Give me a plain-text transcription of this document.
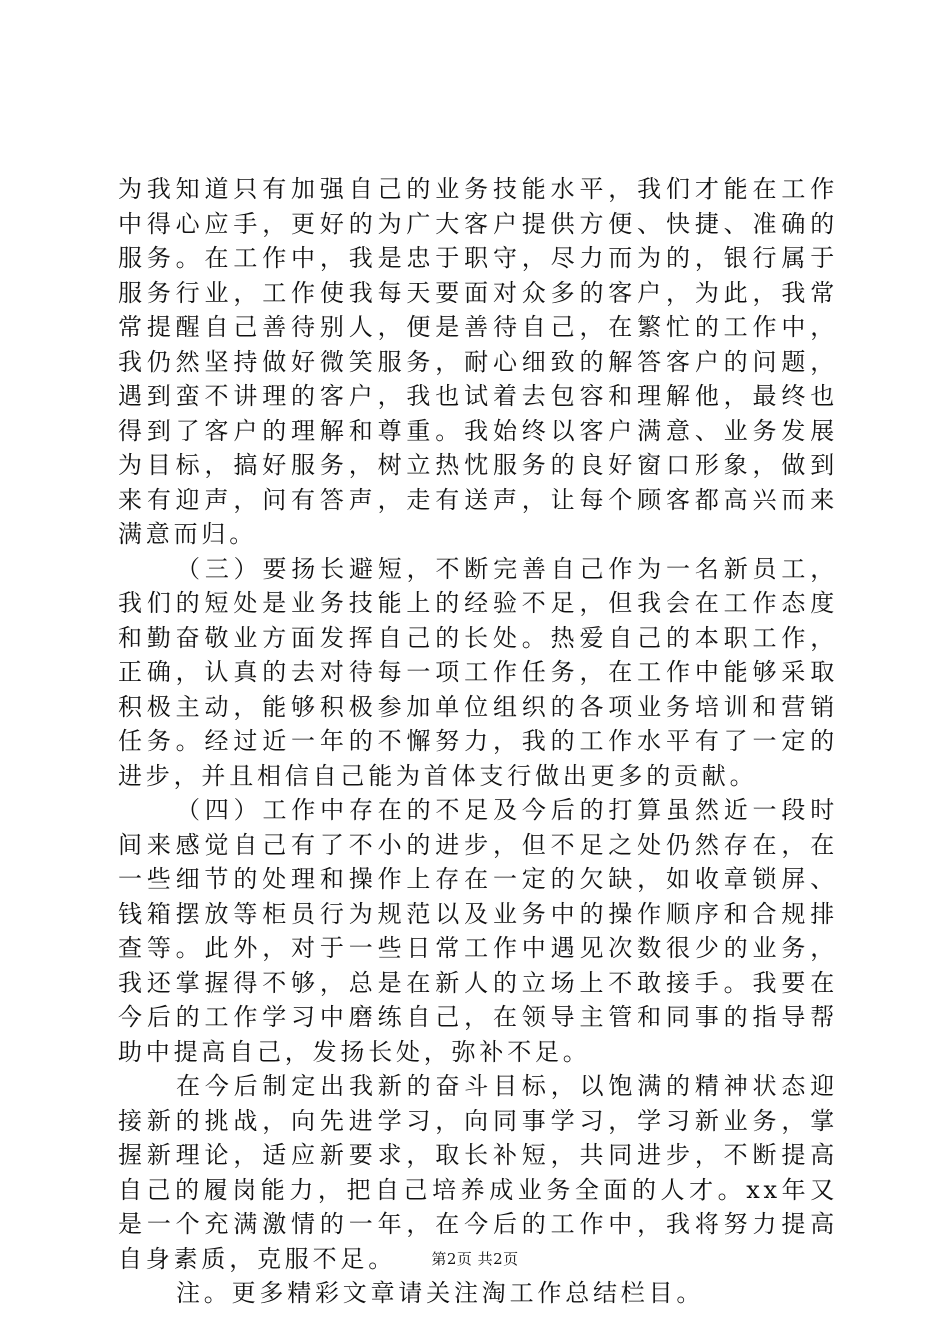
为我知道只有加强自己的业务技能水平，我们才能在工作中得心应手，更好的为广大客户提供方便、快捷、准确的服务。在工作中，我是忠于职守，尽力而为的，银行属于服务行业，工作使我每天要面对众多的客户，为此，我常常提醒自己善待别人，便是善待自己，在繁忙的工作中，我仍然坚持做好微笑服务，耐心细致的解答客户的问题，遇到蛮不讲理的客户，我也试着去包容和理解他，最终也得到了客户的理解和尊重。我始终以客户满意、业务发展为目标，搞好服务，树立热忱服务的良好窗口形象，做到来有迎声，问有答声，走有送声，让每个顾客都高兴而来满意而归。

（三）要扬长避短，不断完善自己作为一名新员工，我们的短处是业务技能上的经验不足，但我会在工作态度和勤奋敬业方面发挥自己的长处。热爱自己的本职工作，正确，认真的去对待每一项工作任务，在工作中能够采取积极主动，能够积极参加单位组织的各项业务培训和营销任务。经过近一年的不懈努力，我的工作水平有了一定的进步，并且相信自己能为首体支行做出更多的贡献。

（四）工作中存在的不足及今后的打算虽然近一段时间来感觉自己有了不小的进步，但不足之处仍然存在，在一些细节的处理和操作上存在一定的欠缺，如收章锁屏、钱箱摆放等柜员行为规范以及业务中的操作顺序和合规排查等。此外，对于一些日常工作中遇见次数很少的业务，我还掌握得不够，总是在新人的立场上不敢接手。我要在今后的工作学习中磨练自己，在领导主管和同事的指导帮助中提高自己，发扬长处，弥补不足。

在今后制定出我新的奋斗目标，以饱满的精神状态迎接新的挑战，向先进学习，向同事学习，学习新业务，掌握新理论，适应新要求，取长补短，共同进步，不断提高自己的履岗能力，把自己培养成业务全面的人才。xx年又是一个充满激情的一年，在今后的工作中，我将努力提高自身素质，克服不足。

注。更多精彩文章请关注淘工作总结栏目。

第2页 共2页
